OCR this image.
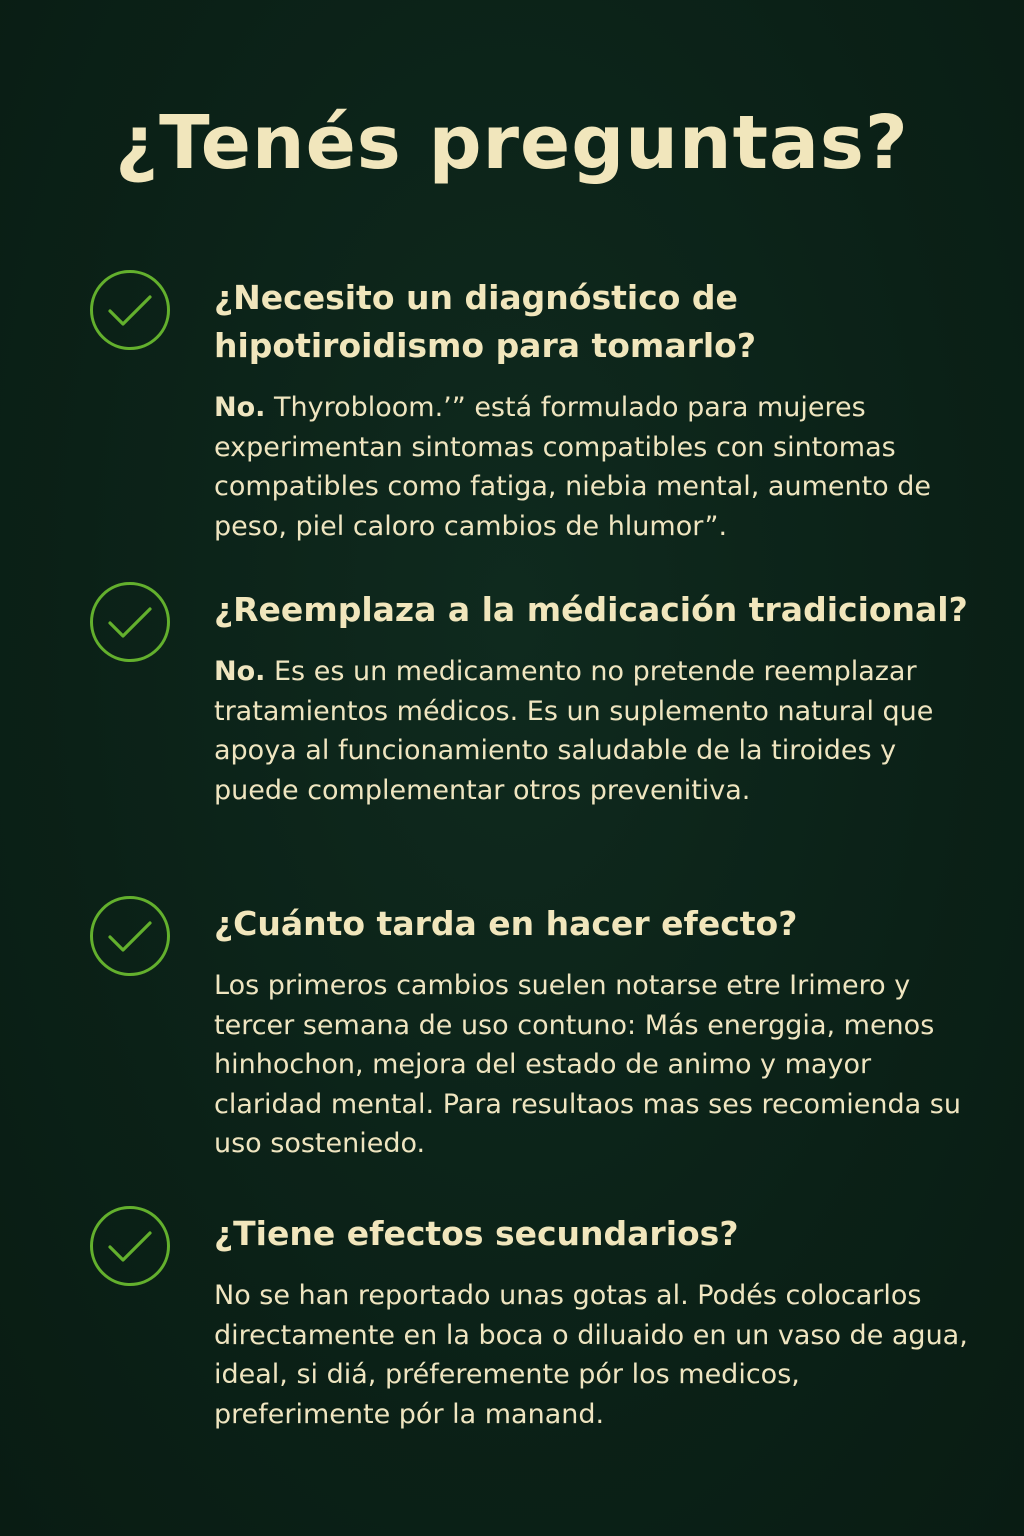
¿Tenés preguntas?

¿Necesito un diagnóstico de hipotiroidismo para tomarlo?

No. Thyrobloom.’” está formulado para mujeres experimentan sintomas compatibles con sintomas compatibles como fatiga, niebia mental, aumento de peso, piel caloro cambios de hlumor”.

¿Reemplaza a la médicación tradicional?

No. Es es un medicamento no pretende reemplazar tratamientos médicos. Es un suplemento natural que apoya al funcionamiento saludable de la tiroides y puede complementar otros prevenitiva.

¿Cuánto tarda en hacer efecto?

Los primeros cambios suelen notarse etre Irimero y tercer semana de uso contuno: Más energgia, menos hinhochon, mejora del estado de animo y mayor claridad mental. Para resultaos mas ses recomienda su uso sosteniedo.

¿Tiene efectos secundarios?

No se han reportado unas gotas al. Podés colocarlos directamente en la boca o diluaido en un vaso de agua, ideal, si diá, préferemente pór los medicos, preferimente pór la manand.
